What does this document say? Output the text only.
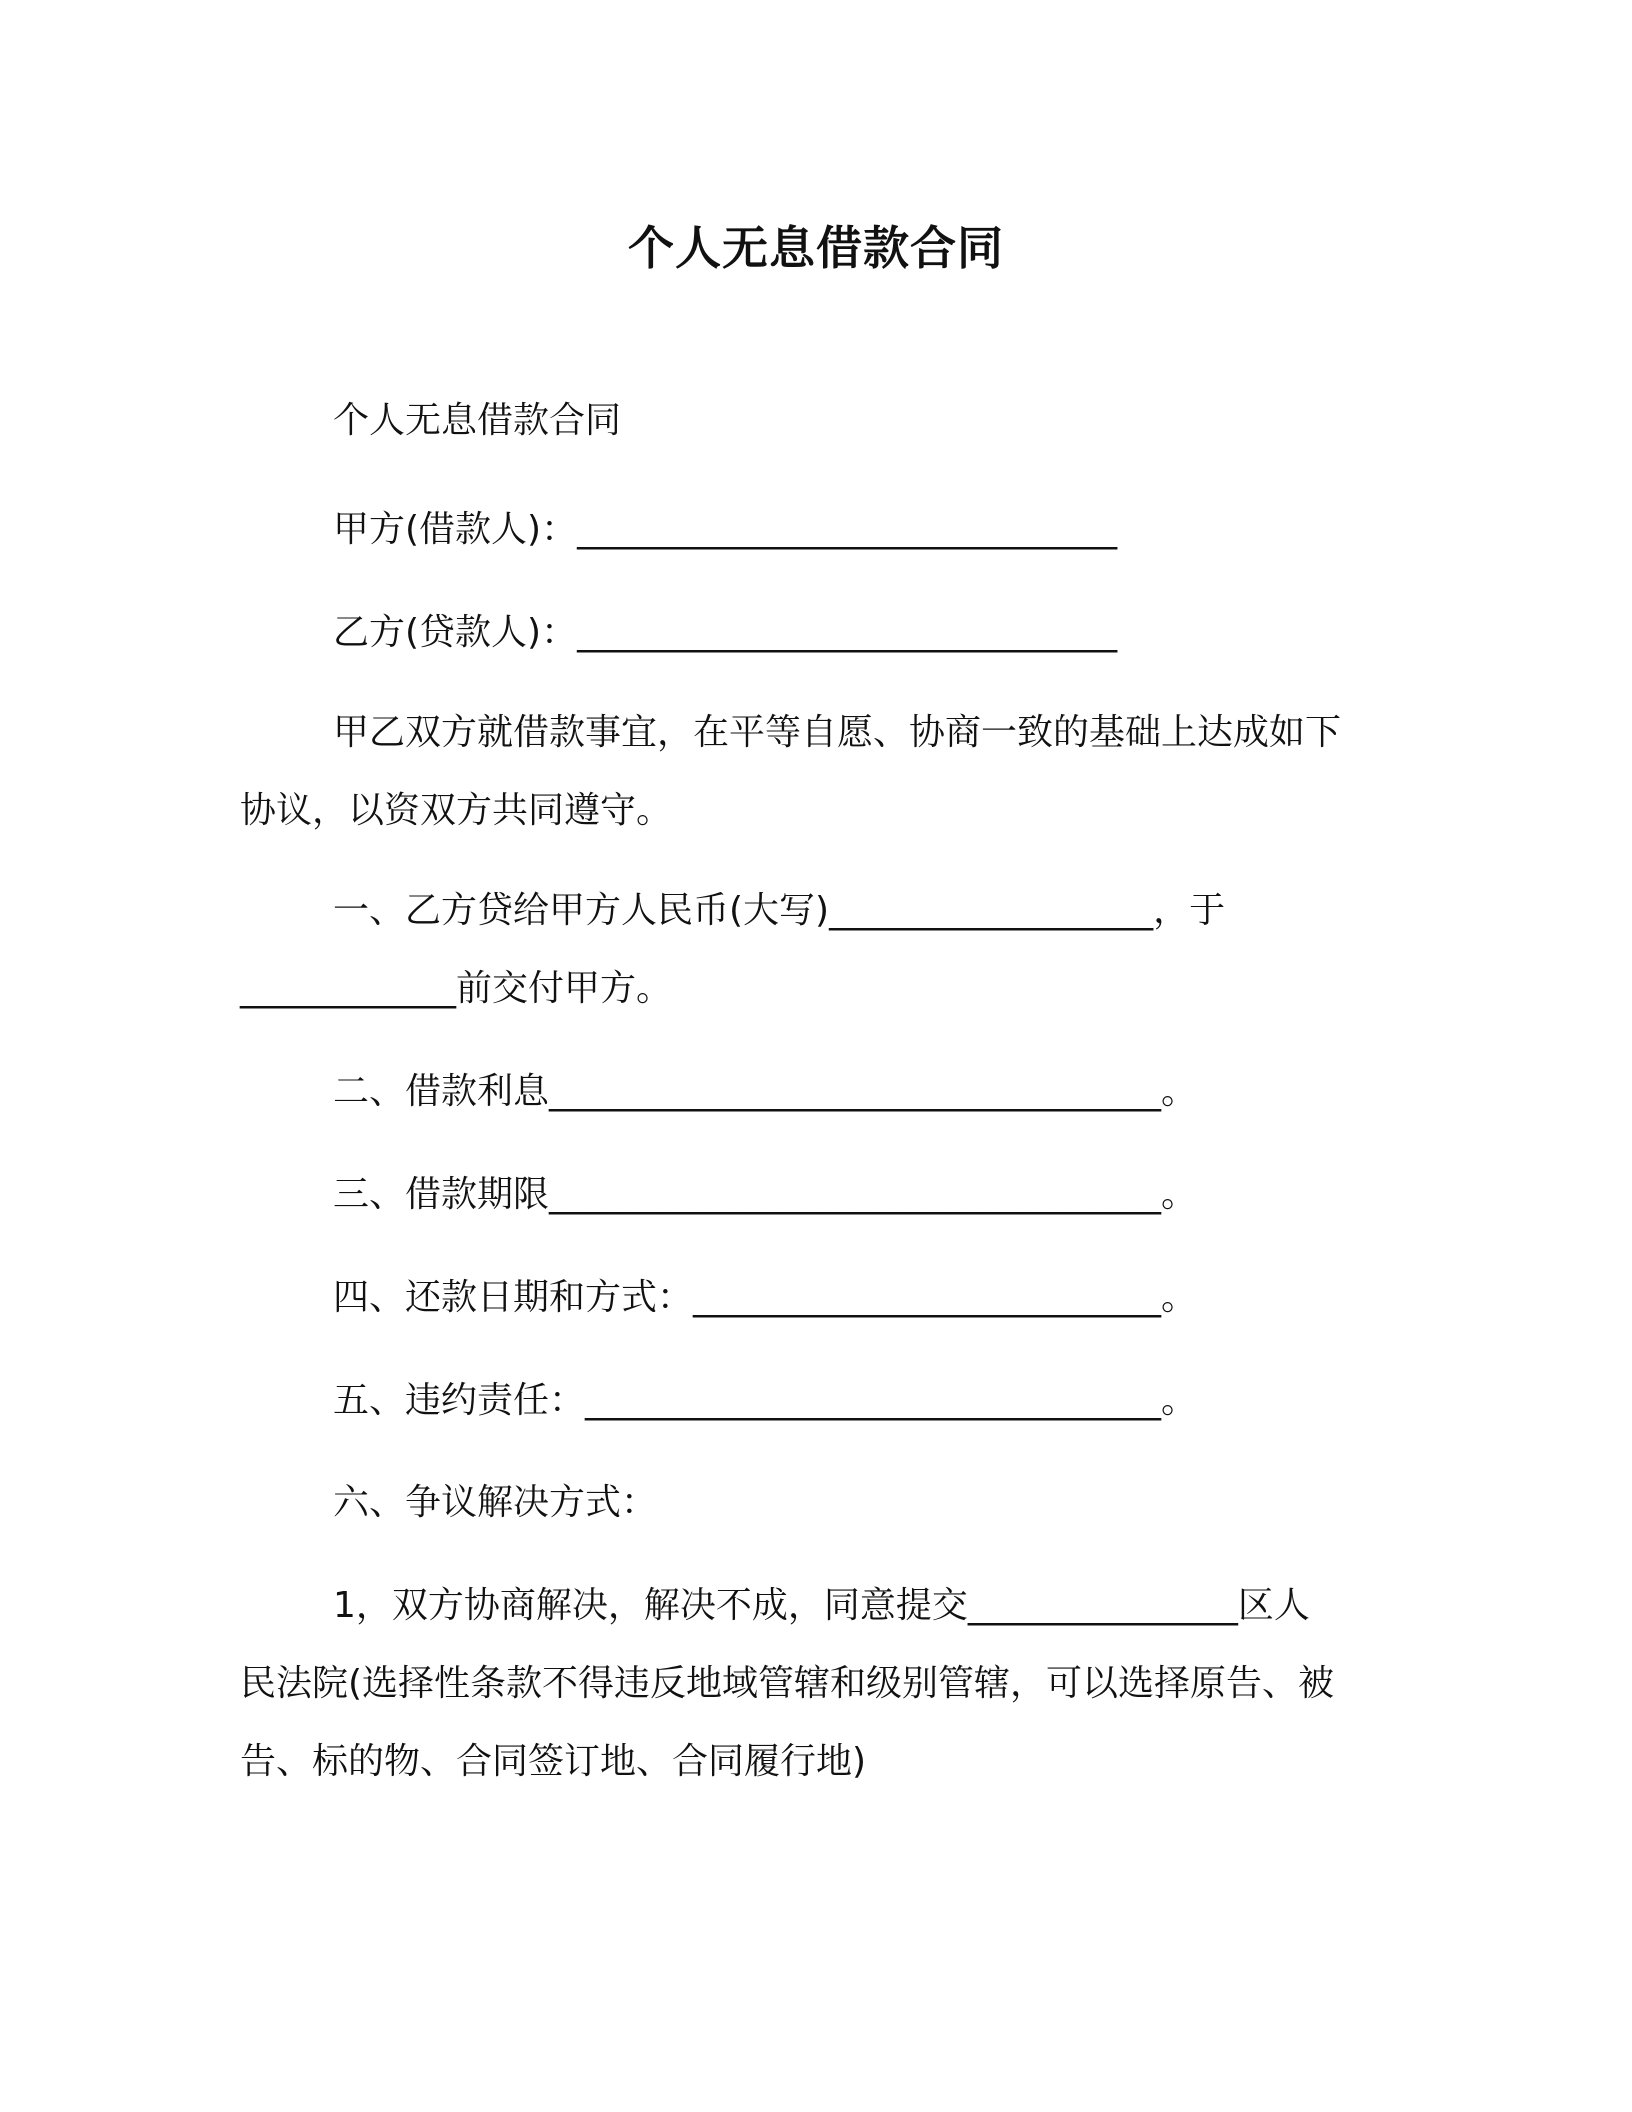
个人无息借款合同
个人无息借款合同
甲方(借款人)：______________________________
乙方(贷款人)：______________________________
甲乙双方就借款事宜，在平等自愿、协商一致的基础上达成如下
协议，以资双方共同遵守。
一、乙方贷给甲方人民币(大写)__________________，于
____________前交付甲方。
二、借款利息__________________________________。
三、借款期限__________________________________。
四、还款日期和方式：__________________________。
五、违约责任：________________________________。
六、争议解决方式：
1，双方协商解决，解决不成，同意提交_______________区人
民法院(选择性条款不得违反地域管辖和级别管辖，可以选择原告、被
告、标的物、合同签订地、合同履行地)
